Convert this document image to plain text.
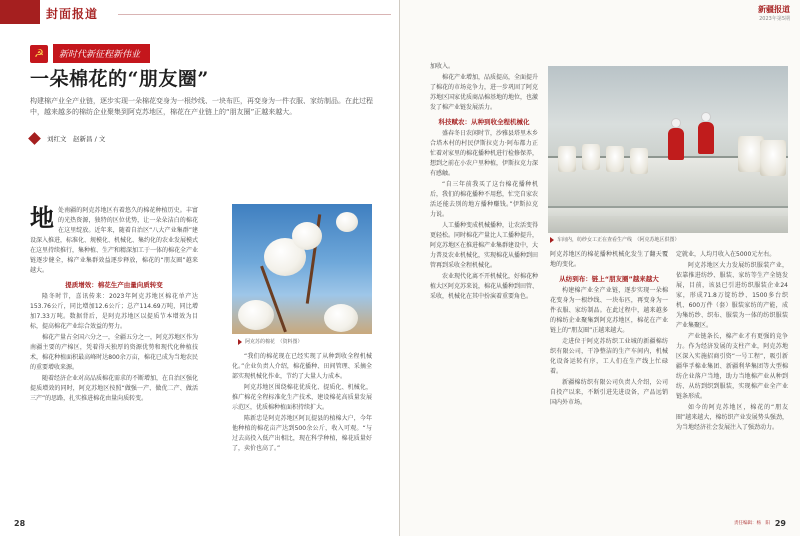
封面报道
☭	新时代新征程新伟业
一朵棉花的“朋友圈”
构建棉产业全产业链，逐步实现一朵棉花变身为一根纱线、一块布匹，再变身为一件衣服、家纺制品。在此过程中，越来越多的棉纺企业聚集到阿克苏地区，棉花在产业链上的“朋友圈”正越来越大。
刘红文　赵新昌 / 文

地处南疆的阿克苏地区有着悠久的棉花种植历史。丰富的光热资源，独特的区位优势，让一朵朵洁白的棉花在这里绽放。近年来，随着自治区“八大产业集群”建设深入推进，标准化、规模化、机械化、集约化的农业发展模式在这里持续推行，集种植、生产和精深加工于一体的棉花全产业链逐步健全，棉产业集群效益逐步释放，棉花的“朋友圈”越来越大。

提质增效：棉花生产由量向质转变

隆冬时节，喜讯传来：2023年阿克苏地区棉花单产达153.76公斤，同比增加12.6公斤；总产114.69万吨，同比增加7.33万吨。数据背后，是阿克苏地区以提质节本增效为目标，提高棉花产业综合效益的努力。

棉花产量占全国六分之一，全疆五分之一，阿克苏地区作为南疆主要的产棉区，凭着得天独厚的资源优势和现代化种植技术，棉花种植面积最高峰时达800余万亩，棉花已成为当地农民的重要增收来源。

随着经济企业对高品质棉花需求的不断增加，在自治区强化提质增效的同时，阿克苏地区按照“做强一产、做优二产、做活三产”的思路，扎实推进棉花由量向质转变。

阿克苏的棉花　（资料图）

“我们的棉花现在已经实现了从种到收全程机械化。”企业负责人介绍，棉花播种、田间管理、采摘全部实现机械化作业，节约了大量人力成本。

阿克苏地区围绕棉花优质化、提质化、机械化，推广棉花全程标准化生产技术，建设棉花高质量发展示范区，优质棉种植面积持续扩大。

陈新忠是阿克苏地区阿瓦提县的植棉大户，今年他种植的棉花亩产达到500余公斤，收入可观。“与过去高投入低产出相比，现在科学种植，棉花质量好了，卖价也高了。”

28
新疆报道
2023年第5期

加收入。

棉花产业增加，品质提高，全面提升了棉花的市场竞争力，进一步巩固了阿克苏地区国家优质商品棉基地的地位，也激发了棉产业链发展活力。

科技赋农：从种到收全程机械化

盛春冬日农闲时节，沙雅县塔里木乡合塔木村的村民伊斯拉克力·阿布都力正忙着对家里的棉花播种机进行检修保养，想到之前在小农户里种植，伊斯拉克力深有感触。

“自三年前我买了这台棉花播种机后，我们的棉花播种不用愁，忙完自家农活还能去别的地方播种赚钱。”伊斯拉克力说。

人工播种变成机械播种，让农活变得更轻松。同时棉花产量比人工播种提升，阿克苏地区在推进棉产业集群建设中，大力普及农业机械化，实现棉花从播种到田管再到采收全程机械化。

农业现代化离不开机械化，好棉花种植大区阿克苏来说，棉花从播种到田管、采收，机械化在其中扮演着重要角色。

车间内，纺纱女工正在查看生产线　（阿克苏地区供图）

阿克苏地区的棉花播种机械化发生了翻天覆地的变化。

从纺到布：链上“朋友圈”越来越大

构建棉产业全产业链，逐步实现一朵棉花变身为一根纱线、一块布匹，再变身为一件衣服、家纺制品。在此过程中，越来越多的棉纺企业聚集到阿克苏地区，棉花在产业链上的“朋友圈”正越来越大。

走进位于阿克苏纺织工业城的新疆棉纺织有限公司，干净整洁的生产车间内，机械化设备运转有序，工人们在生产线上忙碌着。

新疆棉纺织有限公司负责人介绍，公司自投产以来，不断引进先进设备，产品远销国内外市场。

定就业，人均月收入在5000元左右。

阿克苏地区大力发展纺织服装产业，依靠推进纺纱、服装、家纺等生产全链发展，目前，该县已引进纺织服装企业24家，形成71.8万锭纺纱、1500多台织机、600万件（套）服装家纺的产能，成为集纺纱、织布、服装为一体的纺织服装产业集聚区。

产业链条长，棉产业才有更强的竞争力。作为经济发展的支柱产业，阿克苏地区深入实施招商引资“一号工程”，吸引新疆华孚棉业集团、新疆利华集团等大型棉纺企业落户当地，助力当地棉产业从种到纺、从纺到织到服装，实现棉产业全产业链条形成。

如今的阿克苏地区，棉花的“朋友圈”越来越大，棉纺织产业发展势头强劲，为当地经济社会发展注入了强劲动力。

责任编辑：杨　阳 29
